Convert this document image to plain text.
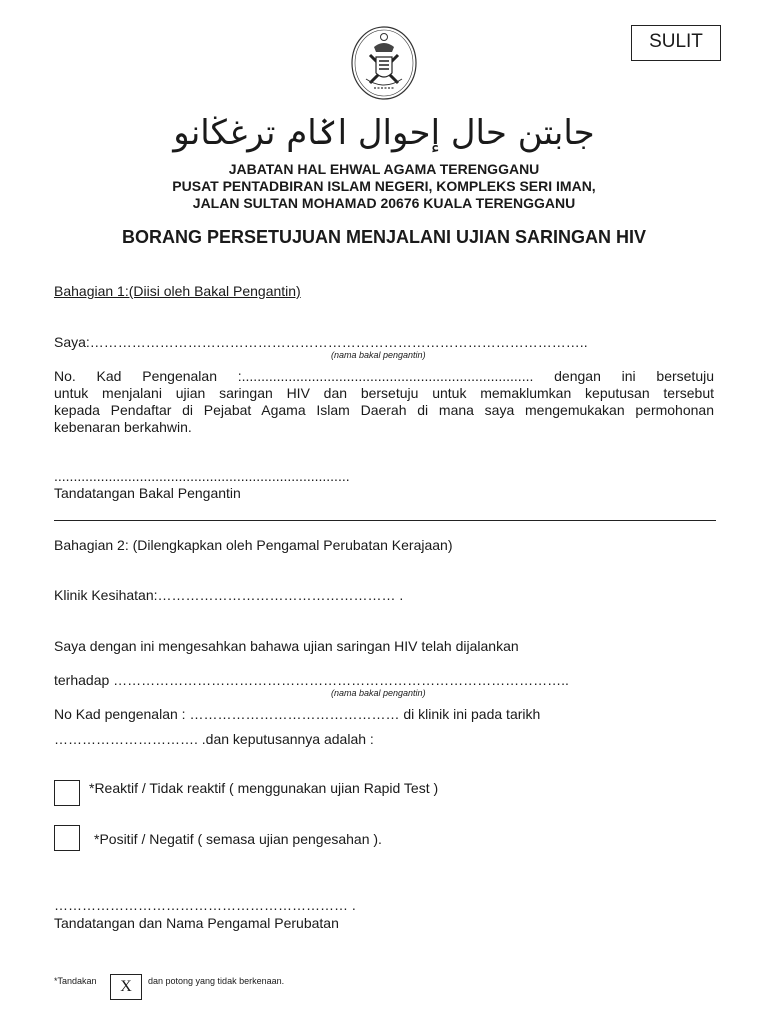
SULIT
جابتن حال إحوال اݢام ترغڬانو
JABATAN HAL EHWAL AGAMA TERENGGANU
PUSAT PENTADBIRAN ISLAM NEGERI, KOMPLEKS SERI IMAN,
JALAN SULTAN MOHAMAD 20676 KUALA TERENGGANU
BORANG PERSETUJUAN MENJALANI UJIAN SARINGAN HIV
Bahagian 1:(Diisi oleh Bakal Pengantin)
Saya:……………………………………………………………………………………………..
(nama bakal pengantin)
No. Kad Pengenalan :........................................................................... dengan ini bersetuju
untuk menjalani ujian saringan HIV dan bersetuju untuk memaklumkan keputusan tersebut
kepada Pendaftar di Pejabat Agama Islam Daerah di mana saya mengemukakan permohonan
kebenaran berkahwin.
............................................................................
Tandatangan Bakal Pengantin
Bahagian 2: (Dilengkapkan oleh Pengamal Perubatan Kerajaan)
Klinik Kesihatan:…………………………………………… .
Saya dengan ini mengesahkan bahawa ujian saringan HIV telah dijalankan
terhadap ……………………………………………………………………………………..
(nama bakal pengantin)
No Kad pengenalan : ……………………………………… di klinik ini pada tarikh
…………………………. .dan keputusannya adalah :
*Reaktif / Tidak reaktif ( menggunakan ujian Rapid Test )
*Positif / Negatif ( semasa ujian pengesahan ).
……………………………………………………… .
Tandatangan dan Nama Pengamal Perubatan
*Tandakan	X	dan potong yang tidak berkenaan.
